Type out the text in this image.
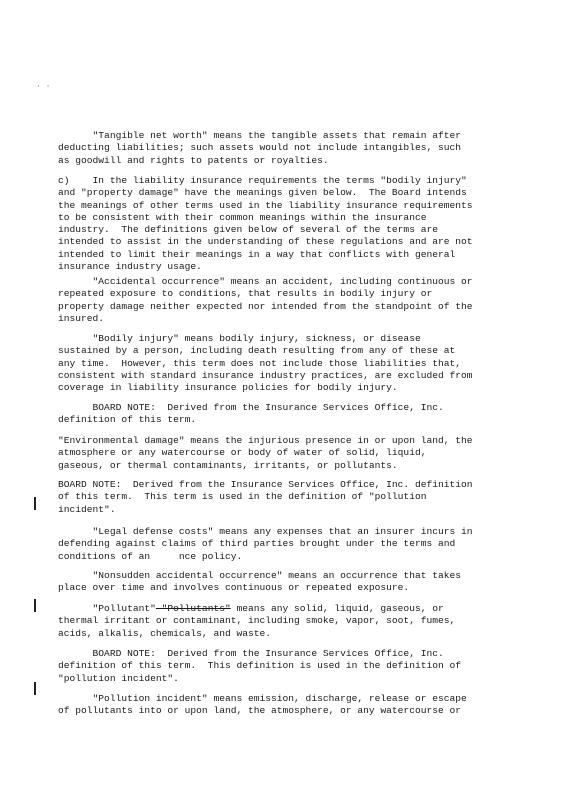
· ·

"Tangible net worth" means the tangible assets that remain after
deducting liabilities; such assets would not include intangibles, such
as goodwill and rights to patents or royalties.

c)    In the liability insurance requirements the terms "bodily injury"
and "property damage" have the meanings given below.  The Board intends
the meanings of other terms used in the liability insurance requirements
to be consistent with their common meanings within the insurance
industry.  The definitions given below of several of the terms are
intended to assist in the understanding of these regulations and are not
intended to limit their meanings in a way that conflicts with general
insurance industry usage.

"Accidental occurrence" means an accident, including continuous or
repeated exposure to conditions, that results in bodily injury or
property damage neither expected nor intended from the standpoint of the
insured.

"Bodily injury" means bodily injury, sickness, or disease
sustained by a person, including death resulting from any of these at
any time.  However, this term does not include those liabilities that,
consistent with standard insurance industry practices, are excluded from
coverage in liability insurance policies for bodily injury.

BOARD NOTE:  Derived from the Insurance Services Office, Inc.
definition of this term.

"Environmental damage" means the injurious presence in or upon land, the
atmosphere or any watercourse or body of water of solid, liquid,
gaseous, or thermal contaminants, irritants, or pollutants.

BOARD NOTE:  Derived from the Insurance Services Office, Inc. definition
of this term.  This term is used in the definition of "pollution
incident".

"Legal defense costs" means any expenses that an insurer incurs in
defending against claims of third parties brought under the terms and
conditions of an     nce policy.

"Nonsudden accidental occurrence" means an occurrence that takes
place over time and involves continuous or repeated exposure.

"Pollutant" "Pollutants" means any solid, liquid, gaseous, or
thermal irritant or contaminant, including smoke, vapor, soot, fumes,
acids, alkalis, chemicals, and waste.

BOARD NOTE:  Derived from the Insurance Services Office, Inc.
definition of this term.  This definition is used in the definition of
"pollution incident".

"Pollution incident" means emission, discharge, release or escape
of pollutants into or upon land, the atmosphere, or any watercourse or
